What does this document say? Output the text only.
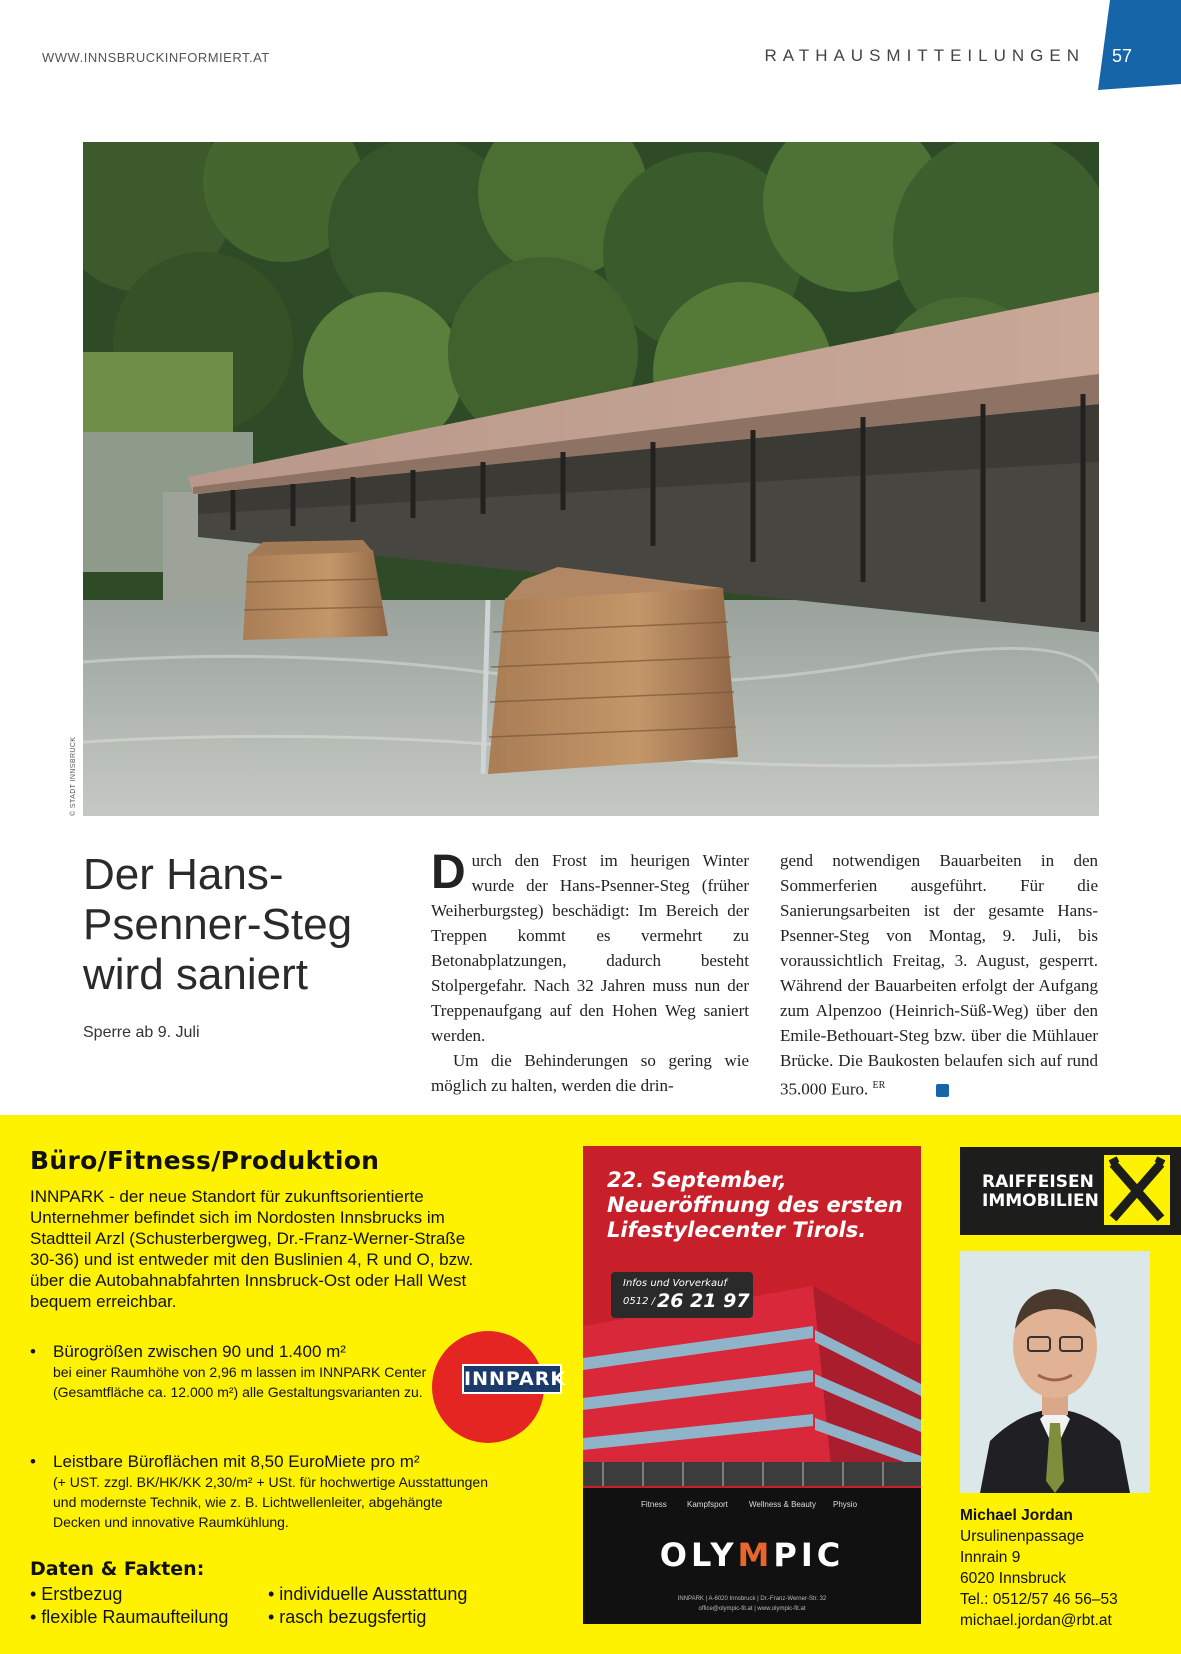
WWW.INNSBRUCKINFORMIERT.AT	RATHAUSMITTEILUNGEN 57
© STADT INNSBRUCK
Der Hans-
Psenner-Steg
wird saniert
Sperre ab 9. Juli

Durch den Frost im heurigen Winter wurde der Hans-Psenner-Steg (früher Weiherburgsteg) beschädigt: Im Bereich der Treppen kommt es vermehrt zu Betonabplatzungen, dadurch besteht Stolpergefahr. Nach 32 Jahren muss nun der Treppenaufgang auf den Hohen Weg saniert werden.

Um die Behinderungen so gering wie möglich zu halten, werden die drin-

gend notwendigen Bauarbeiten in den Sommerferien ausgeführt. Für die Sanierungsarbeiten ist der gesamte Hans-Psenner-Steg von Montag, 9. Juli, bis voraussichtlich Freitag, 3. August, gesperrt. Während der Bauarbeiten erfolgt der Aufgang zum Alpenzoo (Heinrich-Süß-Weg) über den Emile-Bethouart-Steg bzw. über die Mühlauer Brücke. Die Baukosten belaufen sich auf rund 35.000 Euro. $^{ER}$
Büro/Fitness/Produktion
INNPARK - der neue Standort für zukunftsorientierte Unternehmer befindet sich im Nordosten Innsbrucks im Stadtteil Arzl (Schusterbergweg, Dr.-Franz-Werner-Straße 30-36) und ist entweder mit den Buslinien 4, R und O, bzw. über die Autobahnabfahrten Innsbruck-Ost oder Hall West bequem erreichbar.
• Bürogrößen zwischen 90 und 1.400 m²
bei einer Raumhöhe von 2,96 m lassen im INNPARK Center (Gesamtfläche ca. 12.000 m²) alle Gestaltungsvarianten zu.
• Leistbare Büroflächen mit 8,50 EuroMiete pro m²
(+ UST. zzgl. BK/HK/KK 2,30/m² + USt. für hochwertige Ausstattungen und modernste Technik, wie z. B. Lichtwellenleiter, abgehängte Decken und innovative Raumkühlung.
INNPARK
Daten & Fakten:
• Erstbezug
• flexible Raumaufteilung
• individuelle Ausstattung
• rasch bezugsfertig
22. September, Neueröffnung des ersten Lifestylecenter Tirols.
Infos und Vorverkauf
0512 / 26 21 97
Fitness	Kampfsport	Wellness & Beauty Physio
OLYMPIC
INNPARK | A-6020 Innsbruck | Dr.-Franz-Werner-Str. 32
office@olympic-fit.at | www.olympic-fit.at
RAIFFEISEN
IMMOBILIEN
Michael Jordan
Ursulinenpassage
Innrain 9
6020 Innsbruck
Tel.: 0512/57 46 56–53
michael.jordan@rbt.at
